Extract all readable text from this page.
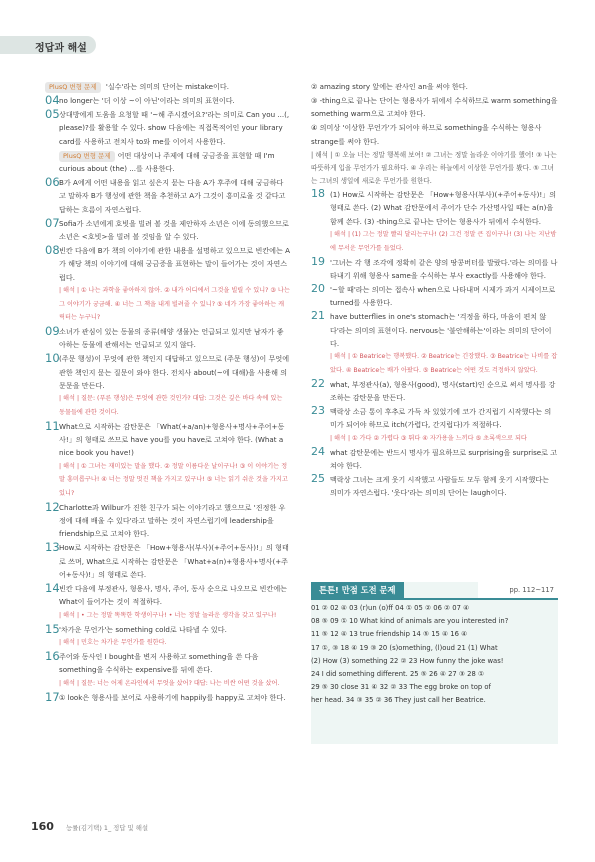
정답과 해설
PlusQ 변형 문제 '실수'라는 의미의 단어는 mistake이다.
04 no longer는 '더 이상 ~이 아닌'이라는 의미의 표현이다.
05 상대방에게 도움을 요청할 때 '~해 주시겠어요?'라는 의미로 Can you ...(, please)?를 활용할 수 있다. show 다음에는 직접목적어인 your library card를 사용하고 전치사 to와 me를 이어서 사용한다.
PlusQ 변형 문제 어떤 대상이나 주제에 대해 궁금증을 표현할 때 I'm curious about (the) ...를 사용한다.
06 B가 A에게 어떤 내용을 읽고 싶은지 묻는 다음 A가 후주에 대해 궁금하다고 말하자 B가 행성에 관한 책을 추천하고 A가 그것이 흥미로울 것 같다고 답하는 흐름이 자연스럽다.
07 Sofia가 소년에게 호빗을 빌려 볼 것을 제안하자 소년은 이에 동의했으므로 소년은 <호빗>을 빌려 볼 것임을 알 수 있다.
08 빈칸 다음에 B가 책의 이야기에 관한 내용을 설명하고 있으므로 빈칸에는 A가 해당 책의 이야기에 대해 궁금증을 표현하는 말이 들어가는 것이 자연스럽다.
| 해석 | ① 나는 과학을 좋아하지 않아. ② 내가 어디에서 그것을 빌릴 수 있니? ③ 나는 그 이야기가 궁금해. ④ 너는 그 책을 내게 빌려줄 수 있니? ⑤ 네가 가장 좋아하는 캐릭터는 누구니?
09 소녀가 관심이 있는 동물의 종류(해양 생물)는 언급되고 있지만 남자가 좋아하는 동물에 관해서는 언급되고 있지 않다.
10 (주문 행성)이 무엇에 관한 책인지 대답하고 있으므로 (주문 행성)이 무엇에 관한 책인지 묻는 질문이 와야 한다. 전치사 about(~에 대해)을 사용해 의문문을 만든다.
| 해석 | 질문: (푸른 행성)은 무엇에 관한 것인가? 대답: 그것은 깊은 바다 속에 있는 동물들에 관한 것이다.
11 What으로 시작하는 감탄문은 「What(+a/an)+형용사+명사+주어+동사!」의 형태로 쓰므로 have you를 you have로 고쳐야 한다. (What a nice book you have!)
| 해석 | ① 그녀는 재미있는 말을 했다. ② 정말 이름다운 날이구나! ③ 이 이야기는 정말 흥미롭구나! ④ 너는 정말 멋진 책을 가지고 있구나! ⑤ 너는 읽기 쉬운 것을 가지고 있니?
12 Charlotte과 Wilbur가 진한 친구가 되는 이야기라고 했으므로 '진정한 우정에 대해 배울 수 있다'라고 말하는 것이 자연스럽기에 leadership을 friendship으로 고쳐야 한다.
13 How로 시작하는 감탄문은 「How+형용사(부사)(+주어+동사)!」의 형태로 쓰며, What으로 시작하는 감탄문은 「What+a(n)+형용사+명사(+주어+동사)!」의 형태로 쓴다.
14 빈칸 다음에 부정관사, 형용사, 명사, 주어, 동사 순으로 나오므로 빈칸에는 What이 들어가는 것이 적절하다.
| 해석 | • 그는 정말 똑똑한 학생이구나! • 너는 정말 놀라운 생각을 갖고 있구나!
15 '차가운 무언가'는 something cold로 나타낼 수 있다.
| 해석 | 민호는 차가운 무언가를 원한다.
16 주어와 동사인 I bought을 변저 사용하고 something을 쓴 다음 something을 수식하는 expensive를 뒤에 쓴다.
| 해석 | 질문: 너는 어제 온라인에서 무엇을 샀어? 대답: 나는 비싼 어떤 것을 샀어.
17 ① look은 형용사를 보어로 사용하기에 happily를 happy로 고쳐야 한다.
② amazing story 앞에는 관사인 an을 써야 한다.
③ -thing으로 끝나는 단어는 형용사가 뒤에서 수식하므로 warm something을 something warm으로 고쳐야 한다.
④ 의미상 '이상한 무언가'가 되어야 하므로 something을 수식하는 형용사 strange를 써야 한다.
| 해석 | ① 오늘 너는 정말 행복해 보여! ② 그녀는 정말 놀라운 이야기를 했어! ③ 나는 따뜻하게 입을 무언가가 필요하다. ④ 우리는 하늘에서 이상한 무언가를 봤다. ⑤ 그녀는 그녀의 생일에 새로운 무언가를 원한다.
18 (1) How로 시작하는 감탄문은 「How+형용사(부사)(+주어+동사)!」의 형태로 쓴다. (2) What 감탄문에서 주어가 단수 가산명사일 때는 a(n)을 함께 쓴다. (3) -thing으로 끝나는 단어는 형용사가 뒤에서 수식한다.
| 해석 | (1) 그는 정말 빨리 달리는구나! (2) 그건 정말 큰 집이구나! (3) 나는 지난밤에 무서운 무언가를 들었다.
19 '그녀는 각 행 조각에 정확히 같은 양의 땅콩버터를 발랐다.'라는 의미를 나타내기 위해 형용사 same을 수식하는 부사 exactly를 사용해야 한다.
20 '~할 때'라는 의미는 접속사 when으로 나타내며 시제가 과거 시제이므로 turned를 사용한다.
21 have butterflies in one's stomach는 '걱정을 하다, 마음이 편치 않다'라는 의미의 표현이다. nervous는 '불안해하는'이라는 의미의 단어이다.
| 해석 | ① Beatrice는 행복했다. ② Beatrice는 긴장했다. ③ Beatrice는 나비를 잡았다. ④ Beatrice는 배가 아팠다. ⑤ Beatrice는 어떤 것도 걱정하지 않았다.
22 what, 부정관사(a), 형용사(good), 명사(start)인 순으로 써서 명사를 강조하는 감탄문을 만든다.
23 맥락상 소금 통이 후추로 가득 차 있었기에 코가 간지럽기 시작했다는 의미가 되어야 하므로 itch(가렵다, 간지럽다)가 적절하다.
| 해석 | ① 가다 ② 가렵다 ③ 뛰다 ④ 자가용을 느끼다 ⑤ 초록색으로 되다
24 what 감탄문에는 반드시 명사가 필요하므로 surprising을 surprise로 고쳐야 한다.
25 맥락상 그녀는 크게 웃기 시작했고 사람들도 모두 함께 웃기 시작했다는 의미가 자연스럽다. '웃다'라는 의미의 단어는 laugh이다.
튼튼! 만점 도전 문제	pp. 112~117
01 ② 02 ④ 03 (r)un (o)ff 04 ① 05 ② 06 ② 07 ④
08 ⑤ 09 ① 10 What kind of animals are you interested in?
11 ⑤ 12 ④ 13 true friendship 14 ⑤ 15 ④ 16 ④
17 ①, ③ 18 ④ 19 ③ 20 (s)omething, (l)oud 21 (1) What
(2) How (3) something 22 ② 23 How funny the joke was!
24 I did something different. 25 ⑤ 26 ④ 27 ③ 28 ①
29 ⑤ 30 close 31 ④ 32 ② 33 The egg broke on top of
her head. 34 ③ 35 ② 36 They just call her Beatrice.
160 능률(김기택) 1_ 정답 및 해설
